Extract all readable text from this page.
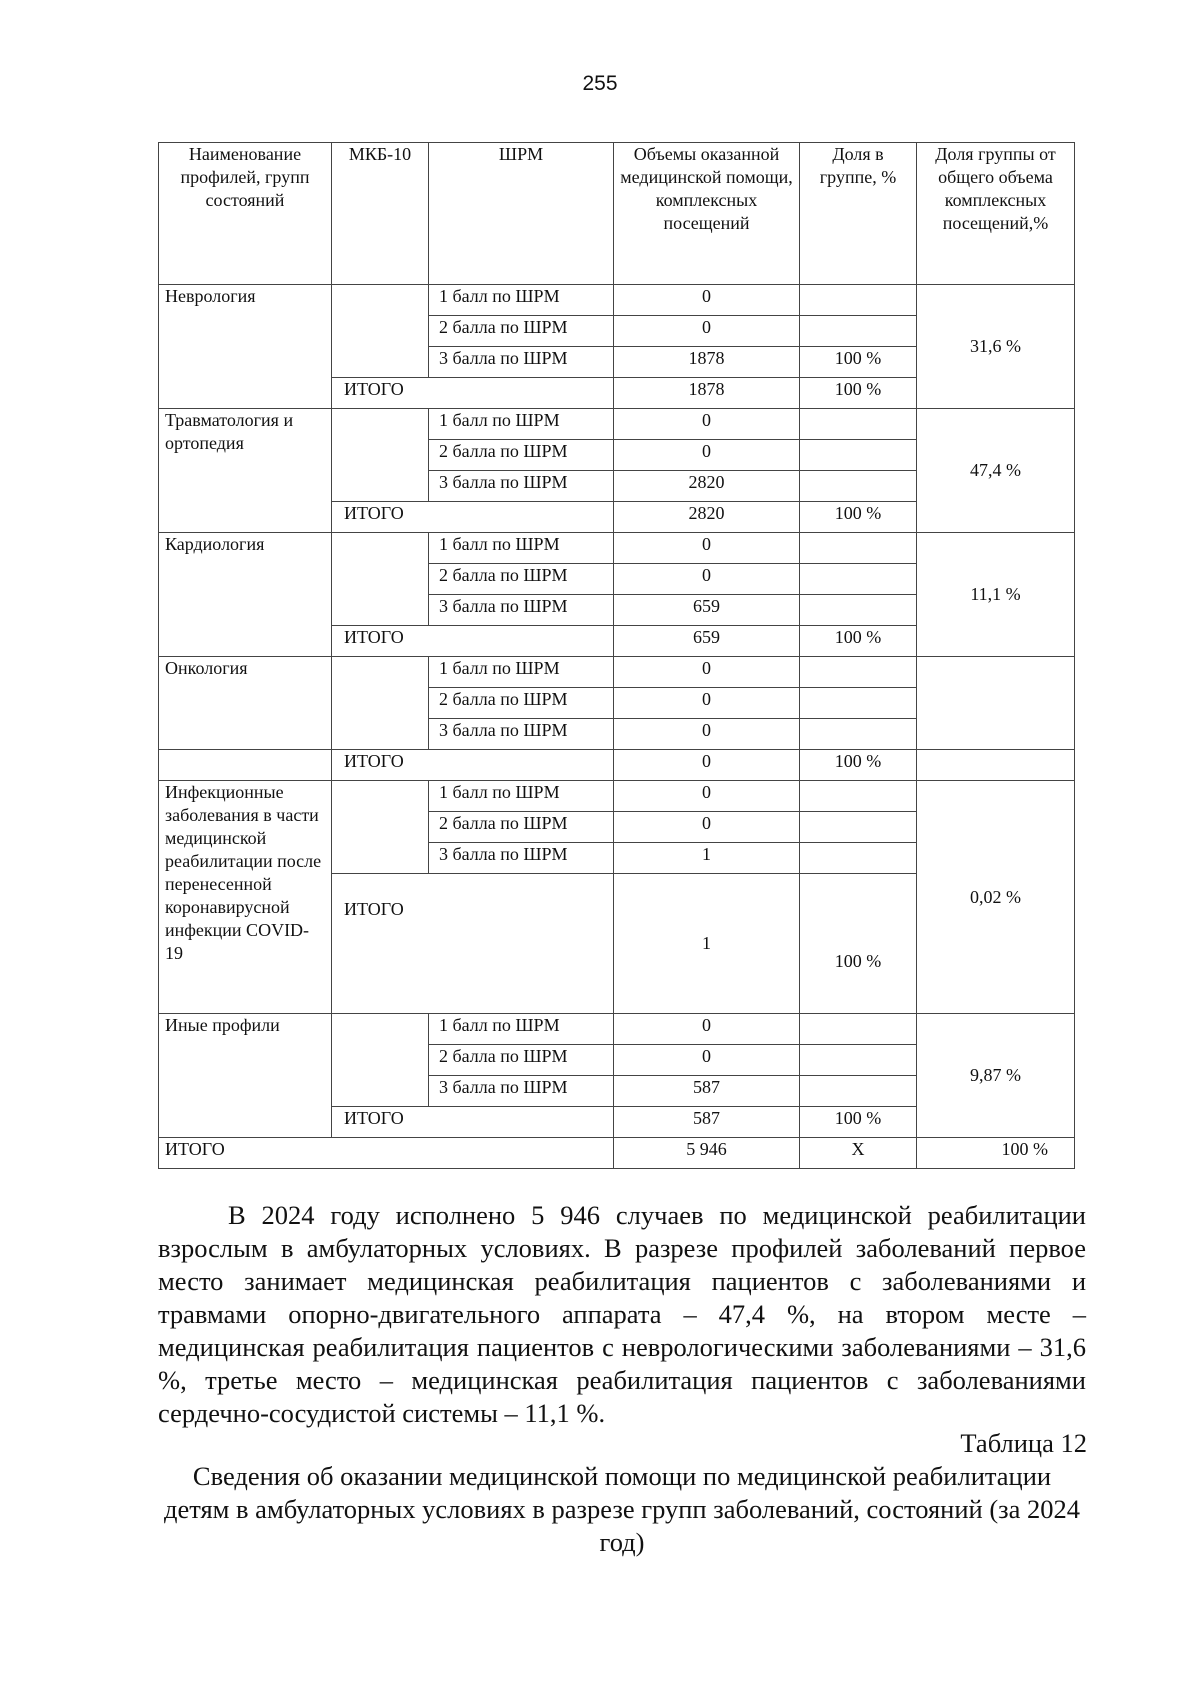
255
Наименование профилей, групп состояний	МКБ-10	ШРМ	Объемы оказанной медицинской помощи, комплексных посещений	Доля в группе, %	Доля группы от общего объема комплексных посещений,%
Неврология		1 балл по ШРМ	0		31,6 %
		2 балла по ШРМ	0		
		3 балла по ШРМ	1878	100 %	
	ИТОГО		1878	100 %	
Травматология и ортопедия		1 балл по ШРМ	0		47,4 %
		2 балла по ШРМ	0		
		3 балла по ШРМ	2820		
	ИТОГО		2820	100 %	
Кардиология		1 балл по ШРМ	0		11,1 %
		2 балла по ШРМ	0		
		3 балла по ШРМ	659		
	ИТОГО		659	100 %	
Онкология		1 балл по ШРМ	0		
		2 балла по ШРМ	0		
		3 балла по ШРМ	0		
	ИТОГО		0	100 %	
Инфекционные заболевания в части медицинской реабилитации после перенесенной коронавирусной инфекции COVID-19		1 балл по ШРМ	0		0,02 %
		2 балла по ШРМ	0		
		3 балла по ШРМ	1		
	ИТОГО		1	100 %	
Иные профили		1 балл по ШРМ	0		9,87 %
		2 балла по ШРМ	0		
		3 балла по ШРМ	587		
	ИТОГО		587	100 %	
ИТОГО			5 946	Х	100 %
В 2024 году исполнено 5 946 случаев по медицинской реабилитации взрослым в амбулаторных условиях. В разрезе профилей заболеваний первое место занимает медицинская реабилитация пациентов с заболеваниями и травмами опорно-двигательного аппарата – 47,4 %, на втором месте – медицинская реабилитация пациентов с неврологическими заболеваниями – 31,6 %, третье место – медицинская реабилитация пациентов с заболеваниями сердечно-сосудистой системы – 11,1 %.
Таблица 12
Сведения об оказании медицинской помощи по медицинской реабилитации детям в амбулаторных условиях в разрезе групп заболеваний, состояний (за 2024 год)
